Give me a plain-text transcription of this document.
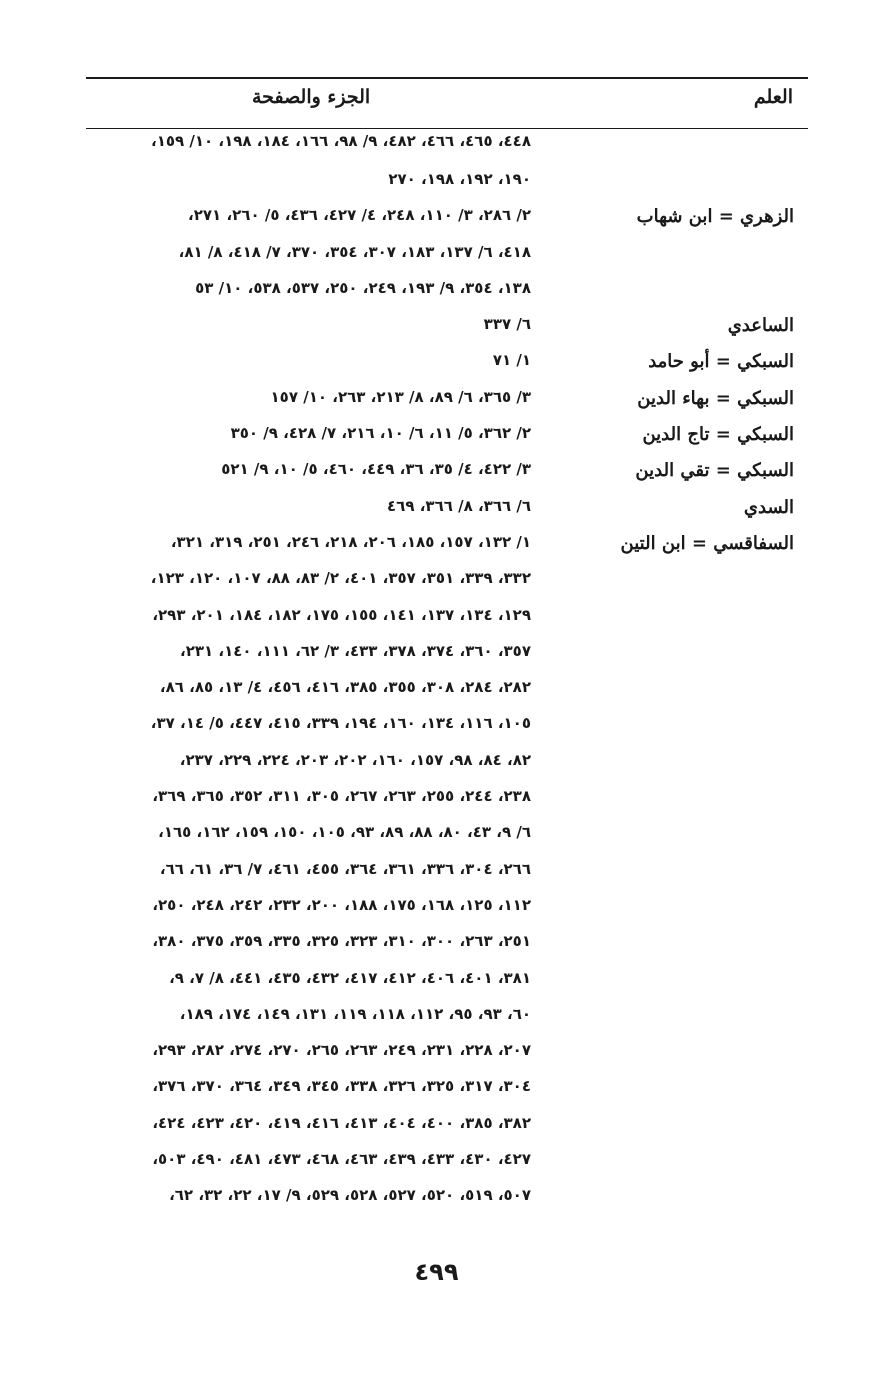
العلم
الجزء والصفحة
٤٤٨، ٤٦٥، ٤٦٦، ٤٨٢، ٩/ ٩٨، ١٦٦، ١٨٤، ١٩٨، ١٠/ ١٥٩،
١٩٠، ١٩٢، ١٩٨، ٢٧٠
الزهري = ابن شهاب
٢/ ٢٨٦، ٣/ ١١٠، ٢٤٨، ٤/ ٤٢٧، ٤٣٦، ٥/ ٢٦٠، ٢٧١،
٤١٨، ٦/ ١٣٧، ١٨٣، ٣٠٧، ٣٥٤، ٣٧٠، ٧/ ٤١٨، ٨/ ٨١،
١٣٨، ٣٥٤، ٩/ ١٩٣، ٢٤٩، ٢٥٠، ٥٣٧، ٥٣٨، ١٠/ ٥٣
الساعدي
٦/ ٣٣٧
السبكي = أبو حامد
١/ ٧١
السبكي = بهاء الدين
٣/ ٣٦٥، ٦/ ٨٩، ٨/ ٢١٣، ٢٦٣، ١٠/ ١٥٧
السبكي = تاج الدين
٢/ ٣٦٢، ٥/ ١١، ٦/ ١٠، ٢١٦، ٧/ ٤٢٨، ٩/ ٣٥٠
السبكي = تقي الدين
٣/ ٤٢٢، ٤/ ٣٥، ٣٦، ٤٤٩، ٤٦٠، ٥/ ١٠، ٩/ ٥٢١
السدي
٦/ ٣٦٦، ٨/ ٣٦٦، ٤٦٩
السفاقسي = ابن التين
١/ ١٣٢، ١٥٧، ١٨٥، ٢٠٦، ٢١٨، ٢٤٦، ٢٥١، ٣١٩، ٣٢١،
٣٣٢، ٣٣٩، ٣٥١، ٣٥٧، ٤٠١، ٢/ ٨٣، ٨٨، ١٠٧، ١٢٠، ١٢٣،
١٢٩، ١٣٤، ١٣٧، ١٤١، ١٥٥، ١٧٥، ١٨٢، ١٨٤، ٢٠١، ٢٩٣،
٣٥٧، ٣٦٠، ٣٧٤، ٣٧٨، ٤٣٣، ٣/ ٦٢، ١١١، ١٤٠، ٢٣١،
٢٨٢، ٢٨٤، ٣٠٨، ٣٥٥، ٣٨٥، ٤١٦، ٤٥٦، ٤/ ١٣، ٨٥، ٨٦،
١٠٥، ١١٦، ١٣٤، ١٦٠، ١٩٤، ٣٣٩، ٤١٥، ٤٤٧، ٥/ ١٤، ٣٧،
٨٢، ٨٤، ٩٨، ١٥٧، ١٦٠، ٢٠٢، ٢٠٣، ٢٢٤، ٢٢٩، ٢٣٧،
٢٣٨، ٢٤٤، ٢٥٥، ٢٦٣، ٢٦٧، ٣٠٥، ٣١١، ٣٥٢، ٣٦٥، ٣٦٩،
٦/ ٩، ٤٣، ٨٠، ٨٨، ٨٩، ٩٣، ١٠٥، ١٥٠، ١٥٩، ١٦٢، ١٦٥،
٢٦٦، ٣٠٤، ٣٣٦، ٣٦١، ٣٦٤، ٤٥٥، ٤٦١، ٧/ ٣٦، ٦١، ٦٦،
١١٢، ١٢٥، ١٦٨، ١٧٥، ١٨٨، ٢٠٠، ٢٣٢، ٢٤٢، ٢٤٨، ٢٥٠،
٢٥١، ٢٦٣، ٣٠٠، ٣١٠، ٣٢٣، ٣٢٥، ٣٣٥، ٣٥٩، ٣٧٥، ٣٨٠،
٣٨١، ٤٠١، ٤٠٦، ٤١٢، ٤١٧، ٤٣٢، ٤٣٥، ٤٤١، ٨/ ٧، ٩،
٦٠، ٩٣، ٩٥، ١١٢، ١١٨، ١١٩، ١٣١، ١٤٩، ١٧٤، ١٨٩،
٢٠٧، ٢٢٨، ٢٣١، ٢٤٩، ٢٦٣، ٢٦٥، ٢٧٠، ٢٧٤، ٢٨٢، ٢٩٣،
٣٠٤، ٣١٧، ٣٢٥، ٣٢٦، ٣٣٨، ٣٤٥، ٣٤٩، ٣٦٤، ٣٧٠، ٣٧٦،
٣٨٢، ٣٨٥، ٤٠٠، ٤٠٤، ٤١٣، ٤١٦، ٤١٩، ٤٢٠، ٤٢٣، ٤٢٤،
٤٢٧، ٤٣٠، ٤٣٣، ٤٣٩، ٤٦٣، ٤٦٨، ٤٧٣، ٤٨١، ٤٩٠، ٥٠٣،
٥٠٧، ٥١٩، ٥٢٠، ٥٢٧، ٥٢٨، ٥٢٩، ٩/ ١٧، ٢٢، ٣٢، ٦٢،
٤٩٩
